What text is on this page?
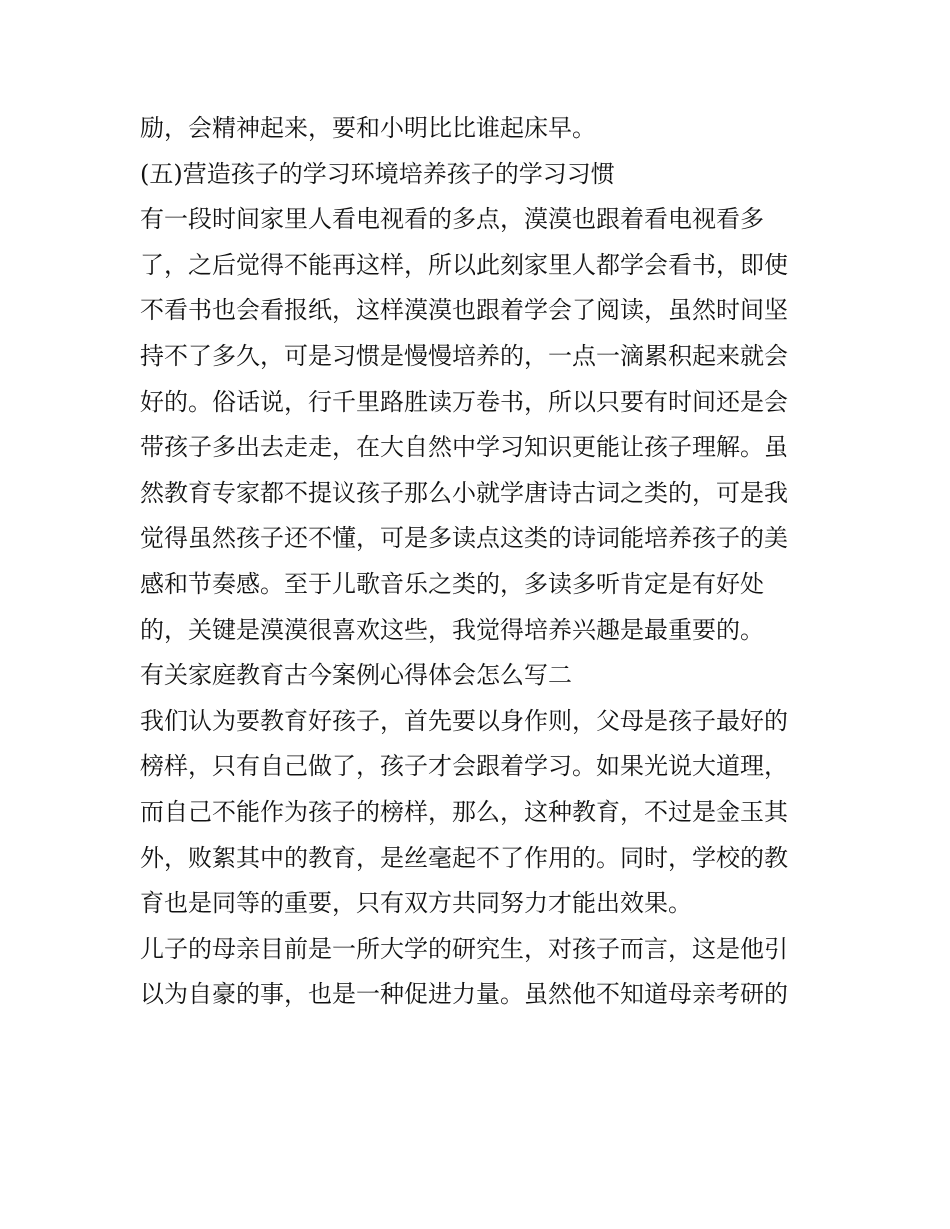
励，会精神起来，要和小明比比谁起床早。

(五)营造孩子的学习环境培养孩子的学习习惯

有一段时间家里人看电视看的多点，漠漠也跟着看电视看多

了，之后觉得不能再这样，所以此刻家里人都学会看书，即使

不看书也会看报纸，这样漠漠也跟着学会了阅读，虽然时间坚

持不了多久，可是习惯是慢慢培养的，一点一滴累积起来就会

好的。俗话说，行千里路胜读万卷书，所以只要有时间还是会

带孩子多出去走走，在大自然中学习知识更能让孩子理解。虽

然教育专家都不提议孩子那么小就学唐诗古词之类的，可是我

觉得虽然孩子还不懂，可是多读点这类的诗词能培养孩子的美

感和节奏感。至于儿歌音乐之类的，多读多听肯定是有好处

的，关键是漠漠很喜欢这些，我觉得培养兴趣是最重要的。

有关家庭教育古今案例心得体会怎么写二

我们认为要教育好孩子，首先要以身作则，父母是孩子最好的

榜样，只有自己做了，孩子才会跟着学习。如果光说大道理，

而自己不能作为孩子的榜样，那么，这种教育，不过是金玉其

外，败絮其中的教育，是丝毫起不了作用的。同时，学校的教

育也是同等的重要，只有双方共同努力才能出效果。

儿子的母亲目前是一所大学的研究生，对孩子而言，这是他引

以为自豪的事，也是一种促进力量。虽然他不知道母亲考研的
